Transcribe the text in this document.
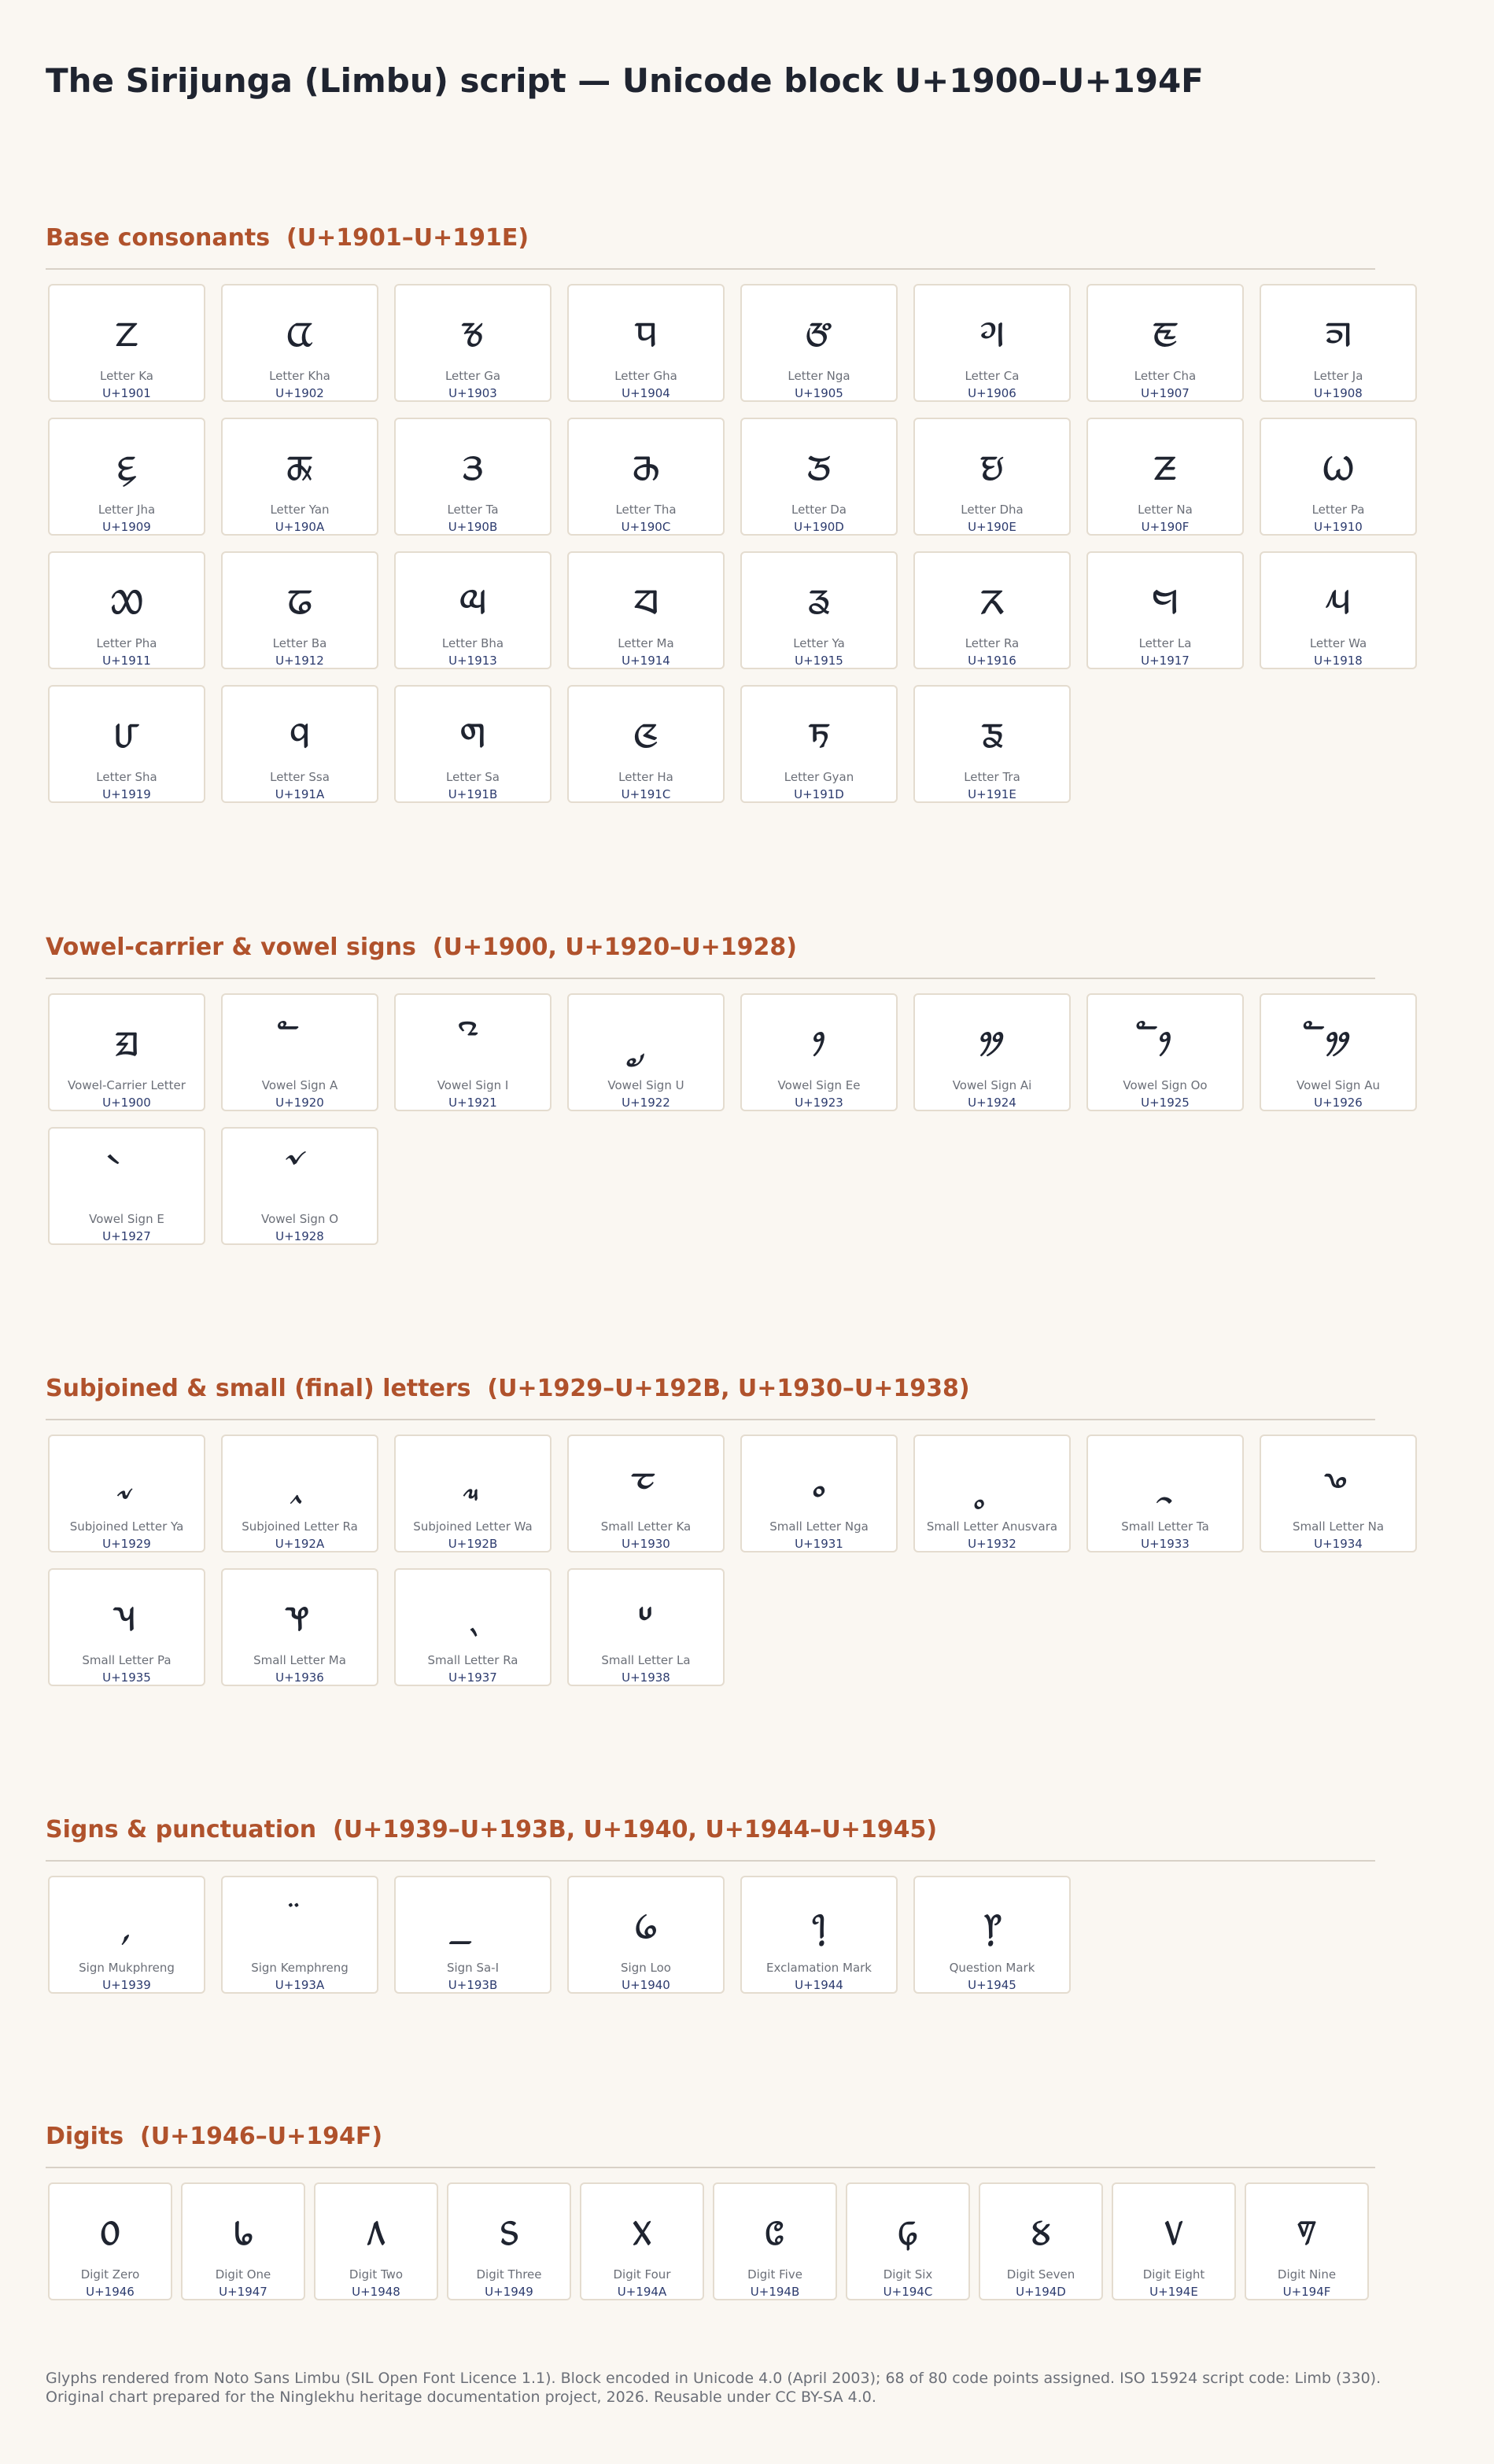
The Sirijunga (Limbu) script — Unicode block U+1900–U+194F
Base consonants  (U+1901–U+191E)
ᤁ
Letter Ka
U+1901
ᤂ
Letter Kha
U+1902
ᤃ
Letter Ga
U+1903
ᤄ
Letter Gha
U+1904
ᤅ
Letter Nga
U+1905
ᤆ
Letter Ca
U+1906
ᤇ
Letter Cha
U+1907
ᤈ
Letter Ja
U+1908
ᤉ
Letter Jha
U+1909
ᤊ
Letter Yan
U+190A
ᤋ
Letter Ta
U+190B
ᤌ
Letter Tha
U+190C
ᤍ
Letter Da
U+190D
ᤎ
Letter Dha
U+190E
ᤏ
Letter Na
U+190F
ᤐ
Letter Pa
U+1910
ᤑ
Letter Pha
U+1911
ᤒ
Letter Ba
U+1912
ᤓ
Letter Bha
U+1913
ᤔ
Letter Ma
U+1914
ᤕ
Letter Ya
U+1915
ᤖ
Letter Ra
U+1916
ᤗ
Letter La
U+1917
ᤘ
Letter Wa
U+1918
ᤙ
Letter Sha
U+1919
ᤚ
Letter Ssa
U+191A
ᤛ
Letter Sa
U+191B
ᤜ
Letter Ha
U+191C
ᤝ
Letter Gyan
U+191D
ᤞ
Letter Tra
U+191E
Vowel-carrier & vowel signs  (U+1900, U+1920–U+1928)
ᤀ
Vowel-Carrier Letter
U+1900
Vowel Sign A
U+1920
ᤡ
Vowel Sign I
U+1921
Vowel Sign U
U+1922
ᤣ
Vowel Sign Ee
U+1923
ᤤ
Vowel Sign Ai
U+1924
ᤥ
Vowel Sign Oo
U+1925
ᤦ
Vowel Sign Au
U+1926
Vowel Sign E
U+1927
Vowel Sign O
U+1928
Subjoined & small (final) letters  (U+1929–U+192B, U+1930–U+1938)
ᤩ
Subjoined Letter Ya
U+1929
Subjoined Letter Ra
U+192A
ᤫ
Subjoined Letter Wa
U+192B
ᤰ
Small Letter Ka
U+1930
ᤱ
Small Letter Nga
U+1931
Small Letter Anusvara
U+1932
ᤳ
Small Letter Ta
U+1933
ᤴ
Small Letter Na
U+1934
ᤵ
Small Letter Pa
U+1935
ᤶ
Small Letter Ma
U+1936
ᤷ
Small Letter Ra
U+1937
ᤸ
Small Letter La
U+1938
Signs & punctuation  (U+1939–U+193B, U+1940, U+1944–U+1945)
᤹
Sign Mukphreng
U+1939
Sign Kemphreng
U+193A
Sign Sa-I
U+193B
᥀
Sign Loo
U+1940
᥄
Exclamation Mark
U+1944
᥅
Question Mark
U+1945
Digits  (U+1946–U+194F)
᥆
Digit Zero
U+1946
᥇
Digit One
U+1947
᥈
Digit Two
U+1948
᥉
Digit Three
U+1949
᥊
Digit Four
U+194A
᥋
Digit Five
U+194B
᥌
Digit Six
U+194C
᥍
Digit Seven
U+194D
᥎
Digit Eight
U+194E
᥏
Digit Nine
U+194F

Glyphs rendered from Noto Sans Limbu (SIL Open Font Licence 1.1). Block encoded in Unicode 4.0 (April 2003); 68 of 80 code points assigned. ISO 15924 script code: Limb (330).

Original chart prepared for the Ninglekhu heritage documentation project, 2026. Reusable under CC BY-SA 4.0.
